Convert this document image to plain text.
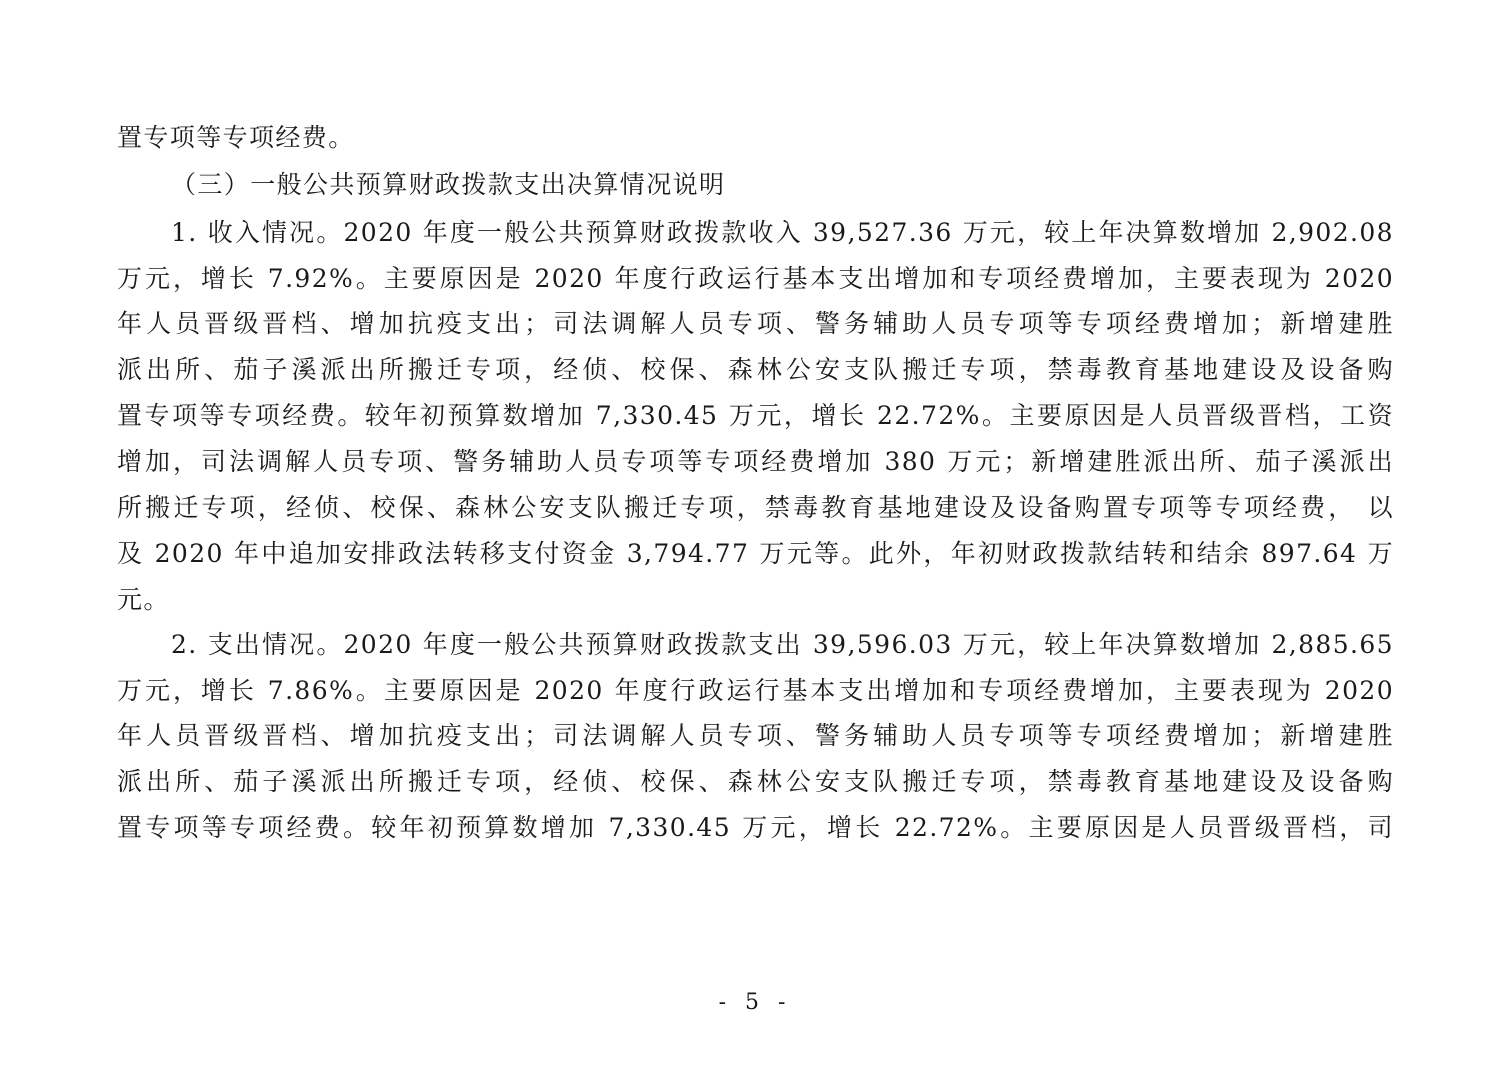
置专项等专项经费。
（三）一般公共预算财政拨款支出决算情况说明
1. 收入情况。2020 年度一般公共预算财政拨款收入 39,527.36 万元，较上年决算数增加 2,902.08
万元，增长 7.92%。主要原因是 2020 年度行政运行基本支出增加和专项经费增加，主要表现为 2020
年人员晋级晋档、增加抗疫支出；司法调解人员专项、警务辅助人员专项等专项经费增加；新增建胜
派出所、茄子溪派出所搬迁专项，经侦、校保、森林公安支队搬迁专项，禁毒教育基地建设及设备购
置专项等专项经费。较年初预算数增加 7,330.45 万元，增长 22.72%。主要原因是人员晋级晋档，工资
增加，司法调解人员专项、警务辅助人员专项等专项经费增加 380 万元；新增建胜派出所、茄子溪派出
所搬迁专项，经侦、校保、森林公安支队搬迁专项，禁毒教育基地建设及设备购置专项等专项经费， 以
及 2020 年中追加安排政法转移支付资金 3,794.77 万元等。此外，年初财政拨款结转和结余 897.64 万
元。
2. 支出情况。2020 年度一般公共预算财政拨款支出 39,596.03 万元，较上年决算数增加 2,885.65
万元，增长 7.86%。主要原因是 2020 年度行政运行基本支出增加和专项经费增加，主要表现为 2020
年人员晋级晋档、增加抗疫支出；司法调解人员专项、警务辅助人员专项等专项经费增加；新增建胜
派出所、茄子溪派出所搬迁专项，经侦、校保、森林公安支队搬迁专项，禁毒教育基地建设及设备购
置专项等专项经费。较年初预算数增加 7,330.45 万元，增长 22.72%。主要原因是人员晋级晋档，司
- 5 -
